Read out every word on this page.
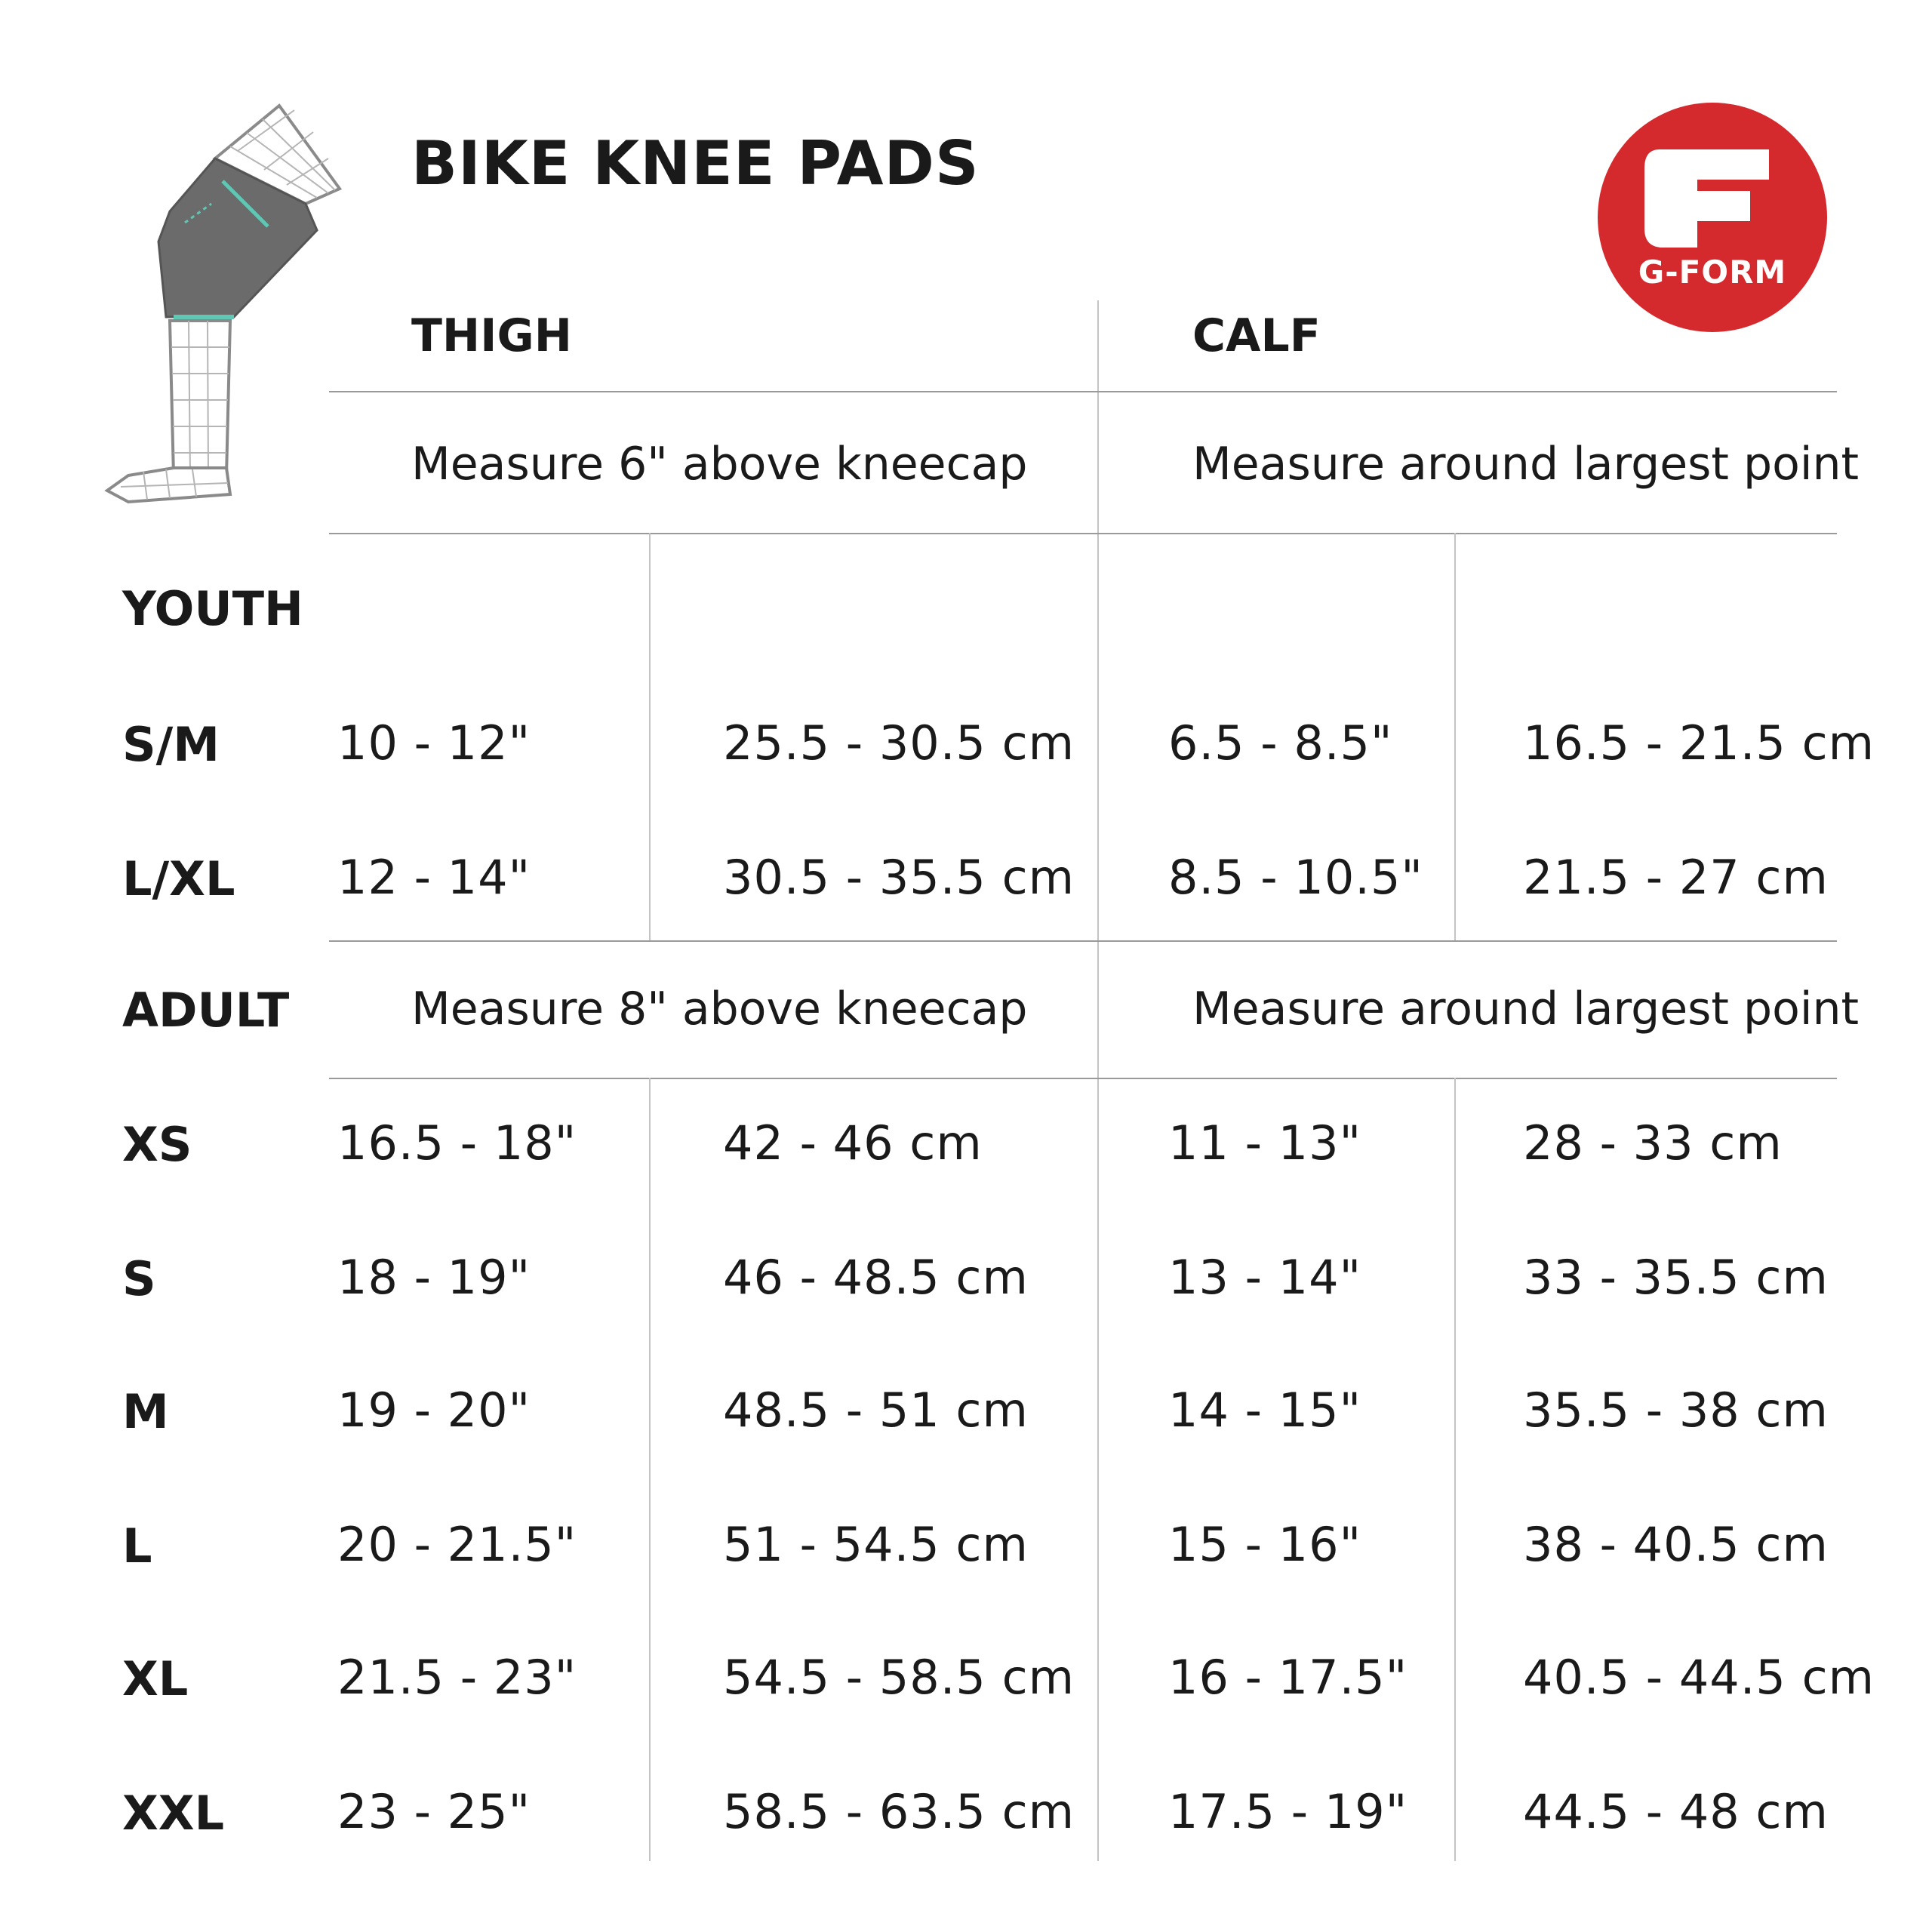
BIKE KNEE PADS
G-FORM
THIGH	CALF
Measure 6" above kneecap	Measure around largest point
YOUTH
S/M	10 - 12"	25.5 - 30.5 cm 6.5 - 8.5"	16.5 - 21.5 cm
L/XL 12 - 14"	30.5 - 35.5 cm 8.5 - 10.5" 21.5 - 27 cm
ADULT	Measure 8" above kneecap	Measure around largest point
XS	16.5 - 18"	42 - 46 cm	11 - 13"	28 - 33 cm
S	18 - 19"	46 - 48.5 cm	13 - 14"	33 - 35.5 cm
M	19 - 20"	48.5 - 51 cm	14 - 15"	35.5 - 38 cm
L	20 - 21.5"	51 - 54.5 cm	15 - 16"	38 - 40.5 cm
XL	21.5 - 23"	54.5 - 58.5 cm 16 - 17.5" 40.5 - 44.5 cm
XXL 23 - 25"	58.5 - 63.5 cm 17.5 - 19" 44.5 - 48 cm
